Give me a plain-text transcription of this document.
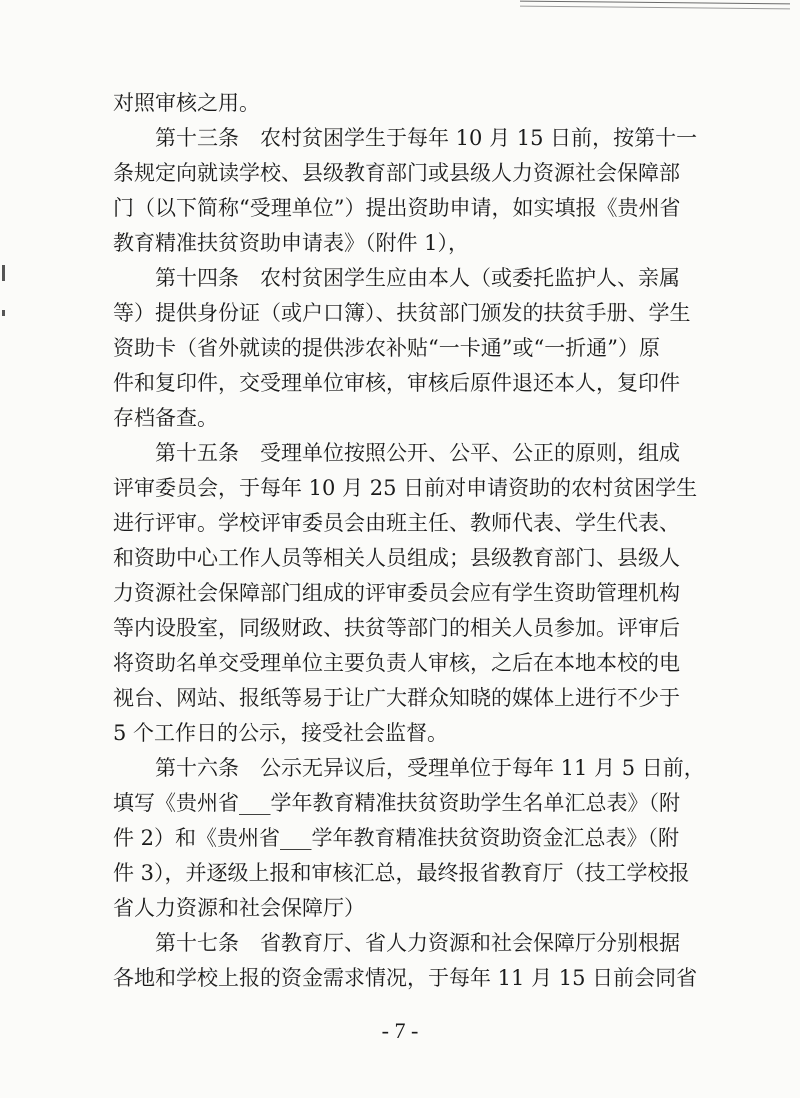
对照审核之用。
　　第十三条　农村贫困学生于每年 10 月 15 日前，按第十一
条规定向就读学校、县级教育部门或县级人力资源社会保障部
门（以下简称“受理单位”）提出资助申请，如实填报《贵州省
教育精准扶贫资助申请表》（附件 1），
　　第十四条　农村贫困学生应由本人（或委托监护人、亲属
等）提供身份证（或户口簿）、扶贫部门颁发的扶贫手册、学生
资助卡（省外就读的提供涉农补贴“一卡通”或“一折通”）原
件和复印件，交受理单位审核，审核后原件退还本人，复印件
存档备查。
　　第十五条　受理单位按照公开、公平、公正的原则，组成
评审委员会，于每年 10 月 25 日前对申请资助的农村贫困学生
进行评审。学校评审委员会由班主任、教师代表、学生代表、
和资助中心工作人员等相关人员组成；县级教育部门、县级人
力资源社会保障部门组成的评审委员会应有学生资助管理机构
等内设股室，同级财政、扶贫等部门的相关人员参加。评审后
将资助名单交受理单位主要负责人审核，之后在本地本校的电
视台、网站、报纸等易于让广大群众知晓的媒体上进行不少于
5 个工作日的公示，接受社会监督。
　　第十六条　公示无异议后，受理单位于每年 11 月 5 日前，
填写《贵州省___学年教育精准扶贫资助学生名单汇总表》（附
件 2）和《贵州省___学年教育精准扶贫资助资金汇总表》（附
件 3），并逐级上报和审核汇总，最终报省教育厅（技工学校报
省人力资源和社会保障厅）
　　第十七条　省教育厅、省人力资源和社会保障厅分别根据
各地和学校上报的资金需求情况，于每年 11 月 15 日前会同省
- 7 -
